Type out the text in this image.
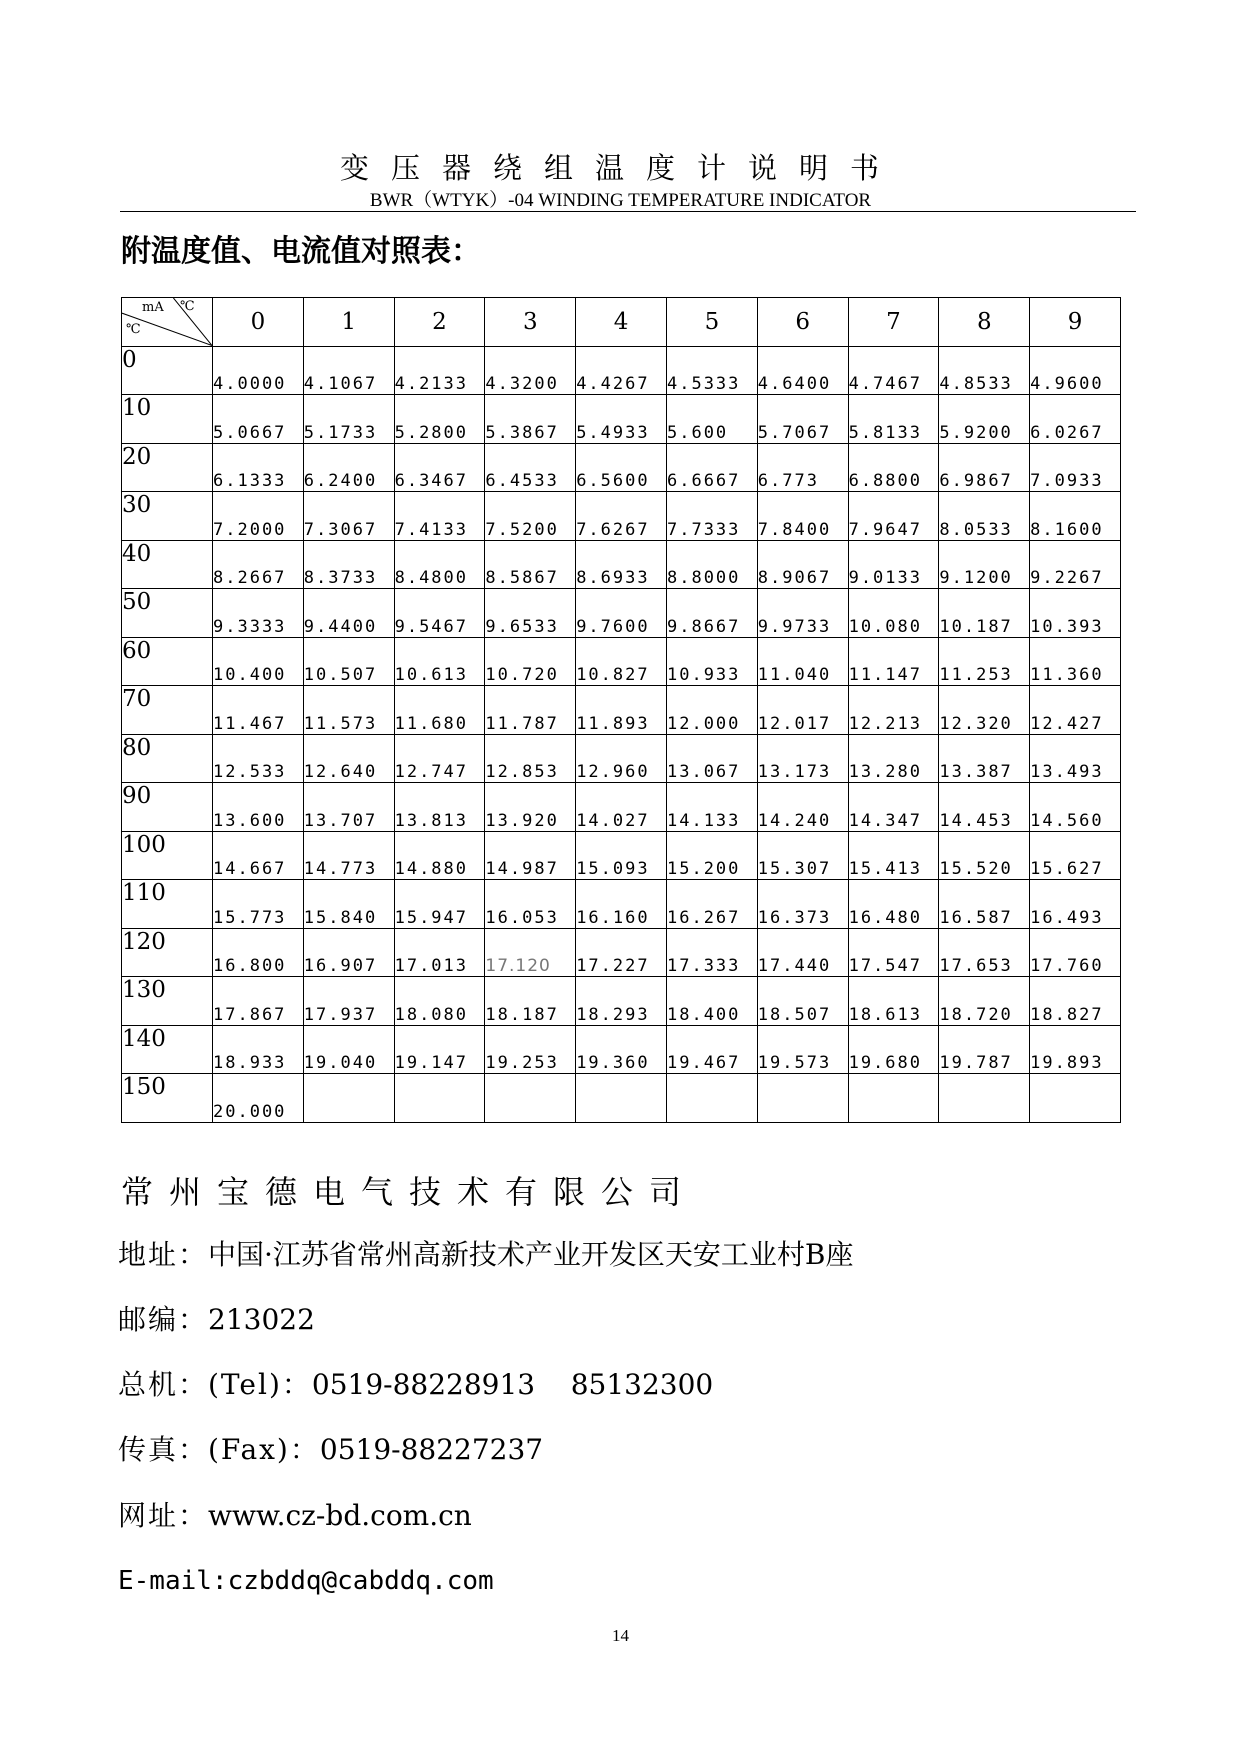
变压器绕组温度计说明书
BWR（WTYK）-04 WINDING TEMPERATURE INDICATOR
附温度值、电流值对照表：
mA ℃
℃	0	1	2	3	4	5	6	7	8	9
0	4.0000	4.1067	4.2133	4.3200	4.4267	4.5333	4.6400	4.7467	4.8533	4.9600
10	5.0667	5.1733	5.2800	5.3867	5.4933	5.600	5.7067	5.8133	5.9200	6.0267
20	6.1333	6.2400	6.3467	6.4533	6.5600	6.6667	6.773	6.8800	6.9867	7.0933
30	7.2000	7.3067	7.4133	7.5200	7.6267	7.7333	7.8400	7.9647	8.0533	8.1600
40	8.2667	8.3733	8.4800	8.5867	8.6933	8.8000	8.9067	9.0133	9.1200	9.2267
50	9.3333	9.4400	9.5467	9.6533	9.7600	9.8667	9.9733	10.080	10.187	10.393
60	10.400	10.507	10.613	10.720	10.827	10.933	11.040	11.147	11.253	11.360
70	11.467	11.573	11.680	11.787	11.893	12.000	12.017	12.213	12.320	12.427
80	12.533	12.640	12.747	12.853	12.960	13.067	13.173	13.280	13.387	13.493
90	13.600	13.707	13.813	13.920	14.027	14.133	14.240	14.347	14.453	14.560
100	14.667	14.773	14.880	14.987	15.093	15.200	15.307	15.413	15.520	15.627
110	15.773	15.840	15.947	16.053	16.160	16.267	16.373	16.480	16.587	16.493
120	16.800	16.907	17.013	17.120	17.227	17.333	17.440	17.547	17.653	17.760
130	17.867	17.937	18.080	18.187	18.293	18.400	18.507	18.613	18.720	18.827
140	18.933	19.040	19.147	19.253	19.360	19.467	19.573	19.680	19.787	19.893
150	20.000									
常州宝德电气技术有限公司
地址：中国·江苏省常州高新技术产业开发区天安工业村B座
邮编：213022
总机：(Tel)：0519-88228913 85132300
传真：(Fax)：0519-88227237
网址：www.cz-bd.com.cn
E-mail:czbddq@cabddq.com
14
